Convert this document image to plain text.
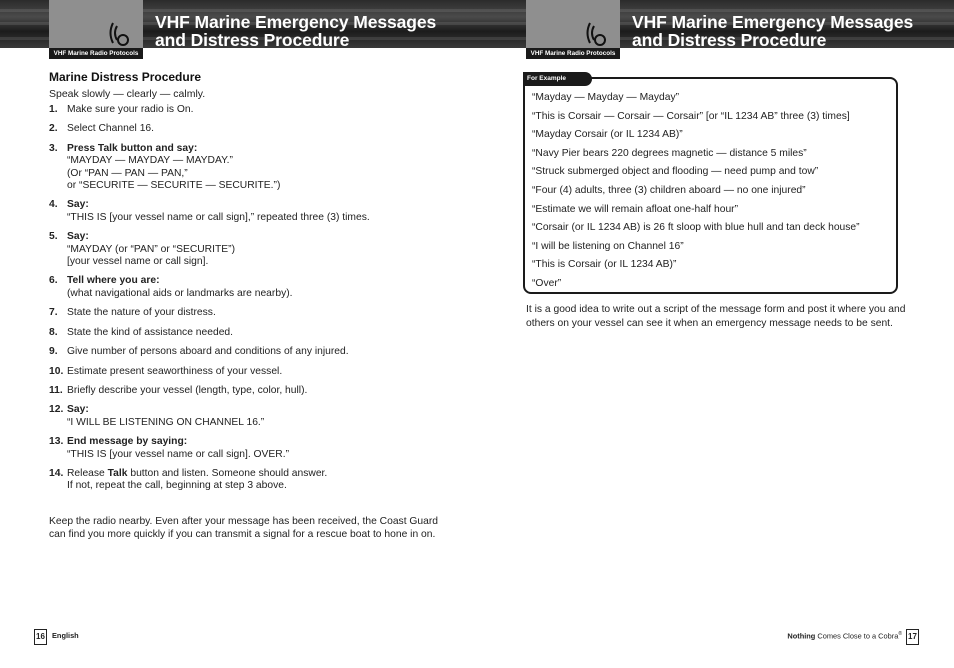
VHF Marine Emergency Messages
and Distress Procedure
VHF Marine Radio Protocols
VHF Marine Emergency Messages
and Distress Procedure
VHF Marine Radio Protocols
Marine Distress Procedure
Speak slowly — clearly — calmly.
1. Make sure your radio is On.
2. Select Channel 16.
3. Press Talk button and say:
“MAYDAY — MAYDAY — MAYDAY.”
(Or “PAN — PAN — PAN,”
or “SECURITE — SECURITE — SECURITE.”)
4. Say:
“THIS IS [your vessel name or call sign],” repeated three (3) times.
5. Say:
“MAYDAY (or “PAN” or “SECURITE”)
[your vessel name or call sign].
6. Tell where you are:
(what navigational aids or landmarks are nearby).
7. State the nature of your distress.
8. State the kind of assistance needed.
9. Give number of persons aboard and conditions of any injured.
10. Estimate present seaworthiness of your vessel.
11. Briefly describe your vessel (length, type, color, hull).
12. Say:
“I WILL BE LISTENING ON CHANNEL 16.”
13. End message by saying:
“THIS IS [your vessel name or call sign]. OVER.”
14. Release Talk button and listen. Someone should answer.
If not, repeat the call, beginning at step 3 above.
Keep the radio nearby. Even after your message has been received, the Coast Guard can find you more quickly if you can transmit a signal for a rescue boat to hone in on.
For Example
“Mayday — Mayday — Mayday”
“This is Corsair — Corsair — Corsair” [or “IL 1234 AB” three (3) times]
“Mayday Corsair (or IL 1234 AB)”
“Navy Pier bears 220 degrees magnetic — distance 5 miles”
“Struck submerged object and flooding — need pump and tow”
“Four (4) adults, three (3) children aboard — no one injured”
“Estimate we will remain afloat one-half hour”
“Corsair (or IL 1234 AB) is 26 ft sloop with blue hull and tan deck house”
“I will be listening on Channel 16”
“This is Corsair (or IL 1234 AB)”
“Over”
It is a good idea to write out a script of the message form and post it where you and others on your vessel can see it when an emergency message needs to be sent.
16 English	Nothing Comes Close to a Cobra® 17
